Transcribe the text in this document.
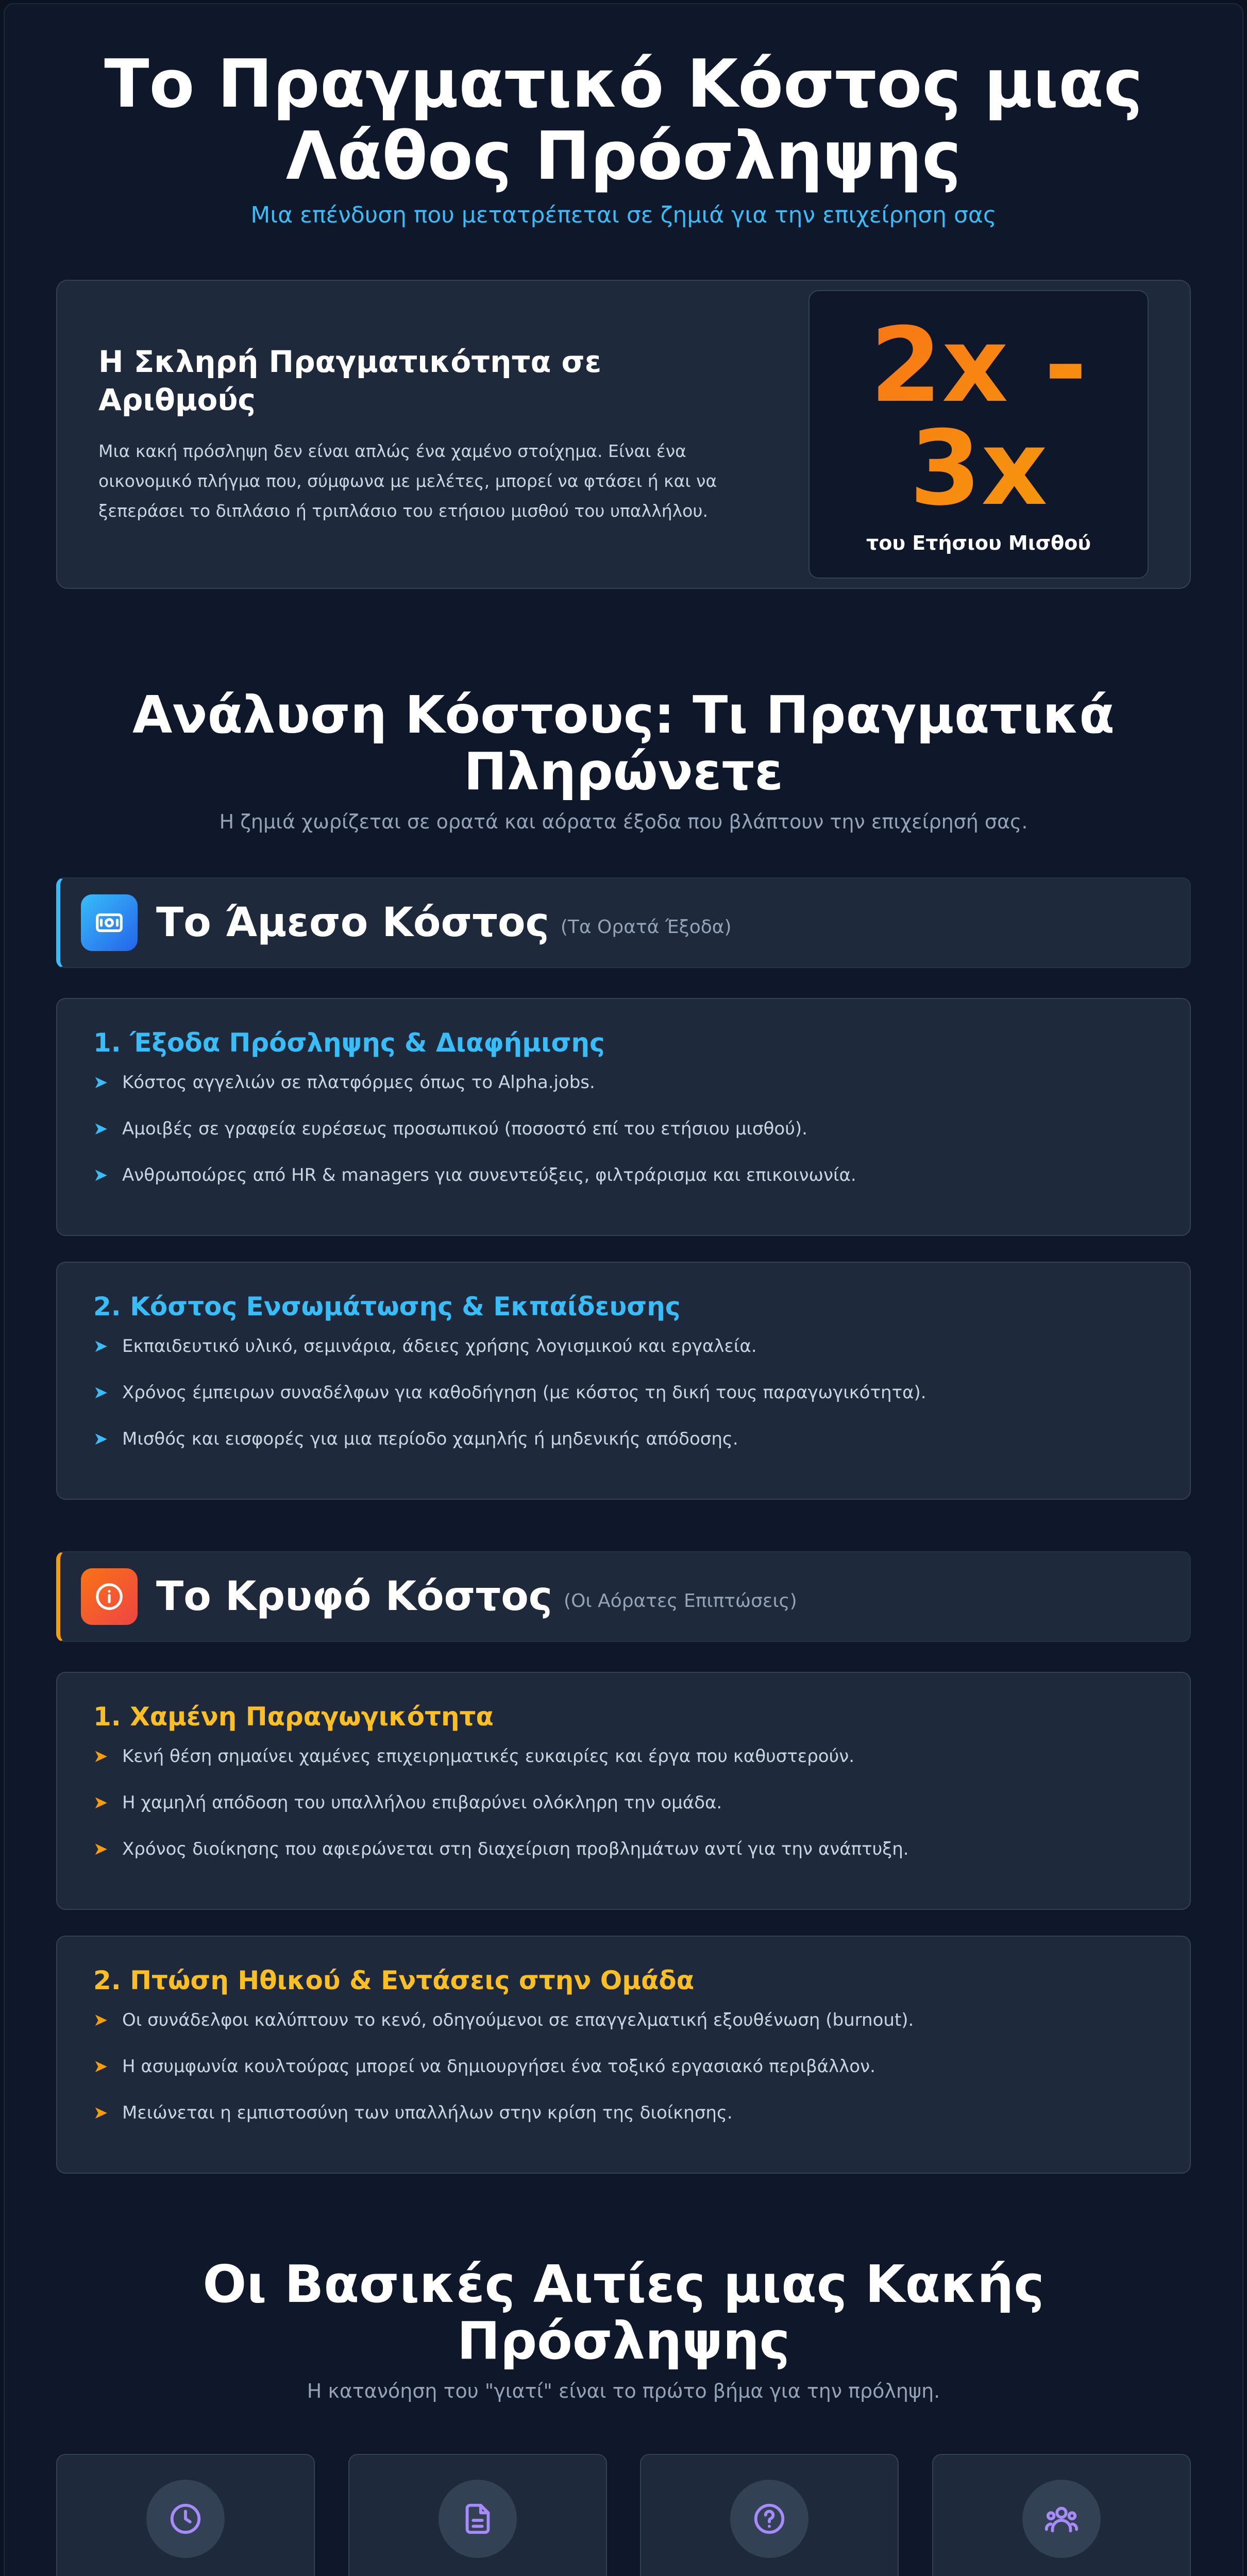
Το Πραγματικό Κόστος μιας
Λάθος Πρόσληψης
Μια επένδυση που μετατρέπεται σε ζημιά για την επιχείρηση σας
Η Σκληρή Πραγματικότητα σε
Αριθμούς

Μια κακή πρόσληψη δεν είναι απλώς ένα χαμένο στοίχημα. Είναι ένα οικονομικό πλήγμα που, σύμφωνα με μελέτες, μπορεί να φτάσει ή και να ξεπεράσει το διπλάσιο ή τριπλάσιο του ετήσιου μισθού του υπαλλήλου.

2x -
3x
του Ετήσιου Μισθού
Ανάλυση Κόστους: Τι Πραγματικά
Πληρώνετε
Η ζημιά χωρίζεται σε ορατά και αόρατα έξοδα που βλάπτουν την επιχείρησή σας.
Το Άμεσο Κόστος (Τα Ορατά Έξοδα)
1. Έξοδα Πρόσληψης & Διαφήμισης
➤ Κόστος αγγελιών σε πλατφόρμες όπως το Alpha.jobs.
➤ Αμοιβές σε γραφεία ευρέσεως προσωπικού (ποσοστό επί του ετήσιου μισθού).
➤ Ανθρωποώρες από HR & managers για συνεντεύξεις, φιλτράρισμα και επικοινωνία.
2. Κόστος Ενσωμάτωσης & Εκπαίδευσης
➤ Εκπαιδευτικό υλικό, σεμινάρια, άδειες χρήσης λογισμικού και εργαλεία.
➤ Χρόνος έμπειρων συναδέλφων για καθοδήγηση (με κόστος τη δική τους παραγωγικότητα).
➤ Μισθός και εισφορές για μια περίοδο χαμηλής ή μηδενικής απόδοσης.
Το Κρυφό Κόστος (Οι Αόρατες Επιπτώσεις)
1. Χαμένη Παραγωγικότητα
➤ Κενή θέση σημαίνει χαμένες επιχειρηματικές ευκαιρίες και έργα που καθυστερούν.
➤ Η χαμηλή απόδοση του υπαλλήλου επιβαρύνει ολόκληρη την ομάδα.
➤ Χρόνος διοίκησης που αφιερώνεται στη διαχείριση προβλημάτων αντί για την ανάπτυξη.
2. Πτώση Ηθικού & Εντάσεις στην Ομάδα
➤ Οι συνάδελφοι καλύπτουν το κενό, οδηγούμενοι σε επαγγελματική εξουθένωση (burnout).
➤ Η ασυμφωνία κουλτούρας μπορεί να δημιουργήσει ένα τοξικό εργασιακό περιβάλλον.
➤ Μειώνεται η εμπιστοσύνη των υπαλλήλων στην κρίση της διοίκησης.
Οι Βασικές Αιτίες μιας Κακής
Πρόσληψης
Η κατανόηση του "γιατί" είναι το πρώτο βήμα για την πρόληψη.
